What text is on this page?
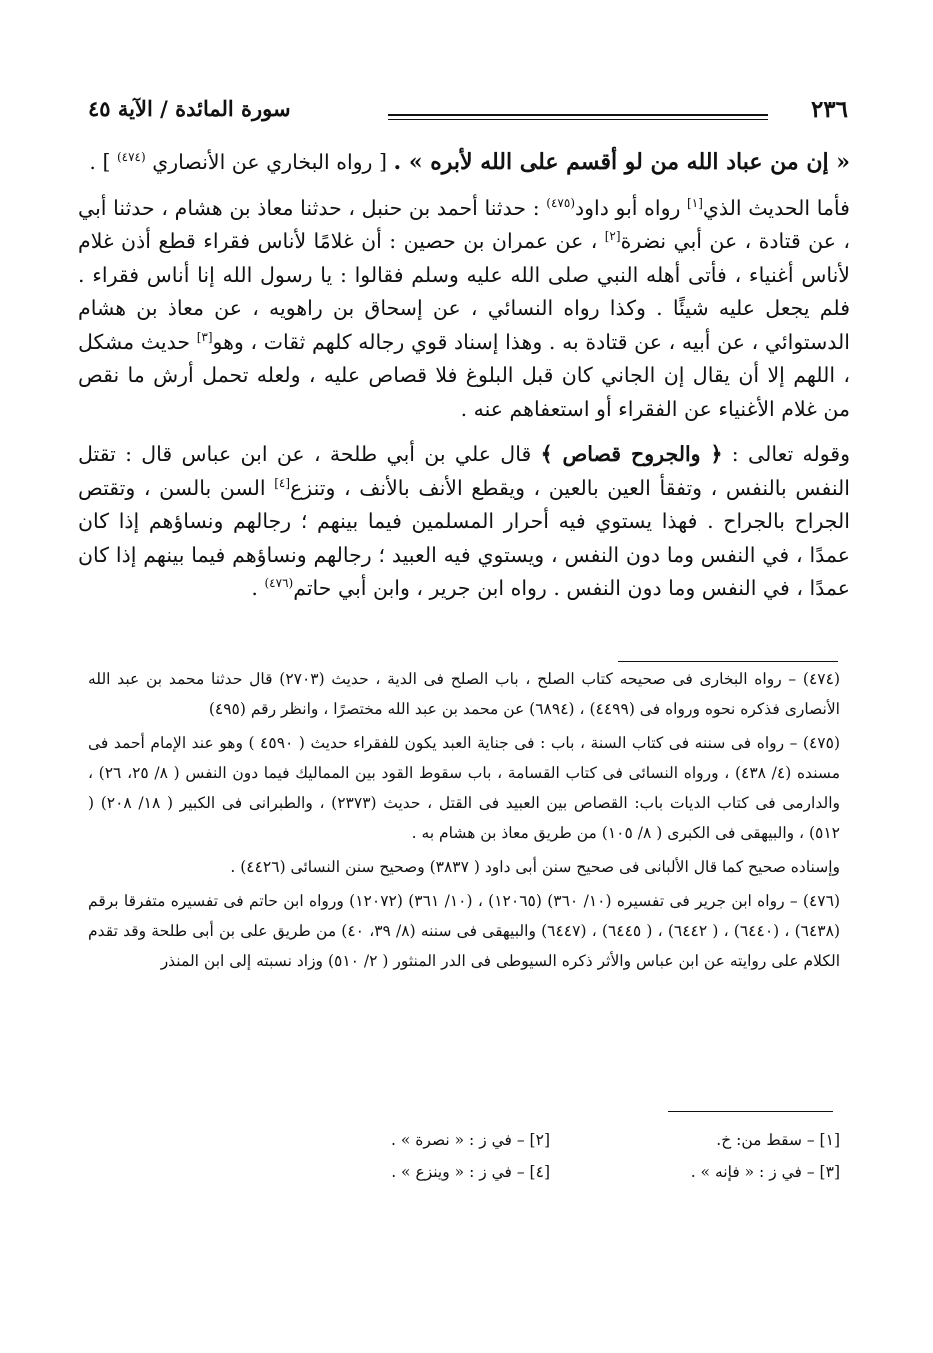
٢٣٦
سورة المائدة / الآية ٤٥

« إن من عباد الله من لو أقسم على الله لأبره » . [ رواه البخاري عن الأنصاري $^{(٤٧٤)}$ ] .

فأما الحديث الذي[١] رواه أبو داود$^{(٤٧٥)}$ : حدثنا أحمد بن حنبل ، حدثنا معاذ بن هشام ، حدثنا أبي ، عن قتادة ، عن أبي نضرة[٢] ، عن عمران بن حصين : أن غلامًا لأناس فقراء قطع أذن غلام لأناس أغنياء ، فأتى أهله النبي صلى الله عليه وسلم فقالوا : يا رسول الله إنا أناس فقراء . فلم يجعل عليه شيئًا . وكذا رواه النسائي ، عن إسحاق بن راهويه ، عن معاذ بن هشام الدستوائي ، عن أبيه ، عن قتادة به . وهذا إسناد قوي رجاله كلهم ثقات ، وهو[٣] حديث مشكل ، اللهم إلا أن يقال إن الجاني كان قبل البلوغ فلا قصاص عليه ، ولعله تحمل أرش ما نقص من غلام الأغنياء عن الفقراء أو استعفاهم عنه .

وقوله تعالى : ﴿ والجروح قصاص ﴾ قال علي بن أبي طلحة ، عن ابن عباس قال : تقتل النفس بالنفس ، وتفقأ العين بالعين ، ويقطع الأنف بالأنف ، وتنزع[٤] السن بالسن ، وتقتص الجراح بالجراح . فهذا يستوي فيه أحرار المسلمين فيما بينهم ؛ رجالهم ونساؤهم إذا كان عمدًا ، في النفس وما دون النفس ، ويستوي فيه العبيد ؛ رجالهم ونساؤهم فيما بينهم إذا كان عمدًا ، في النفس وما دون النفس . رواه ابن جرير ، وابن أبي حاتم$^{(٤٧٦)}$ .

(٤٧٤) – رواه البخارى فى صحيحه كتاب الصلح ، باب الصلح فى الدية ، حديث (٢٧٠٣) قال حدثنا محمد بن عبد الله الأنصارى فذكره نحوه ورواه فى (٤٤٩٩) ، (٦٨٩٤) عن محمد بن عبد الله مختصرًا ، وانظر رقم (٤٩٥)

(٤٧٥) – رواه فى سننه فى كتاب السنة ، باب : فى جناية العبد يكون للفقراء حديث ( ٤٥٩٠ ) وهو عند الإمام أحمد فى مسنده (٤/ ٤٣٨) ، ورواه النسائى فى كتاب القسامة ، باب سقوط القود بين المماليك فيما دون النفس ( ٨/ ٢٥، ٢٦) ، والدارمى فى كتاب الديات باب: القصاص بين العبيد فى القتل ، حديث (٢٣٧٣) ، والطبرانى فى الكبير ( ١٨/ ٢٠٨) ( ٥١٢) ، والبيهقى فى الكبرى ( ٨/ ١٠٥) من طريق معاذ بن هشام به .

وإسناده صحيح كما قال الألبانى فى صحيح سنن أبى داود ( ٣٨٣٧) وصحيح سنن النسائى (٤٤٢٦) .

(٤٧٦) – رواه ابن جرير فى تفسيره (١٠/ ٣٦٠) (١٢٠٦٥) ، (١٠/ ٣٦١) (١٢٠٧٢) ورواه ابن حاتم فى تفسيره متفرقا برقم (٦٤٣٨) ، (٦٤٤٠) ، ( ٦٤٤٢) ، ( ٦٤٤٥) ، (٦٤٤٧) والبيهقى فى سننه (٨/ ٣٩، ٤٠) من طريق على بن أبى طلحة وقد تقدم الكلام على روايته عن ابن عباس والأثر ذكره السيوطى فى الدر المنثور ( ٢/ ٥١٠) وزاد نسبته إلى ابن المنذر

[١] – سقط من: خ.
[٢] – في ز : « نصرة » .
[٣] – في ز : « فإنه » .
[٤] – في ز : « وينزع » .
